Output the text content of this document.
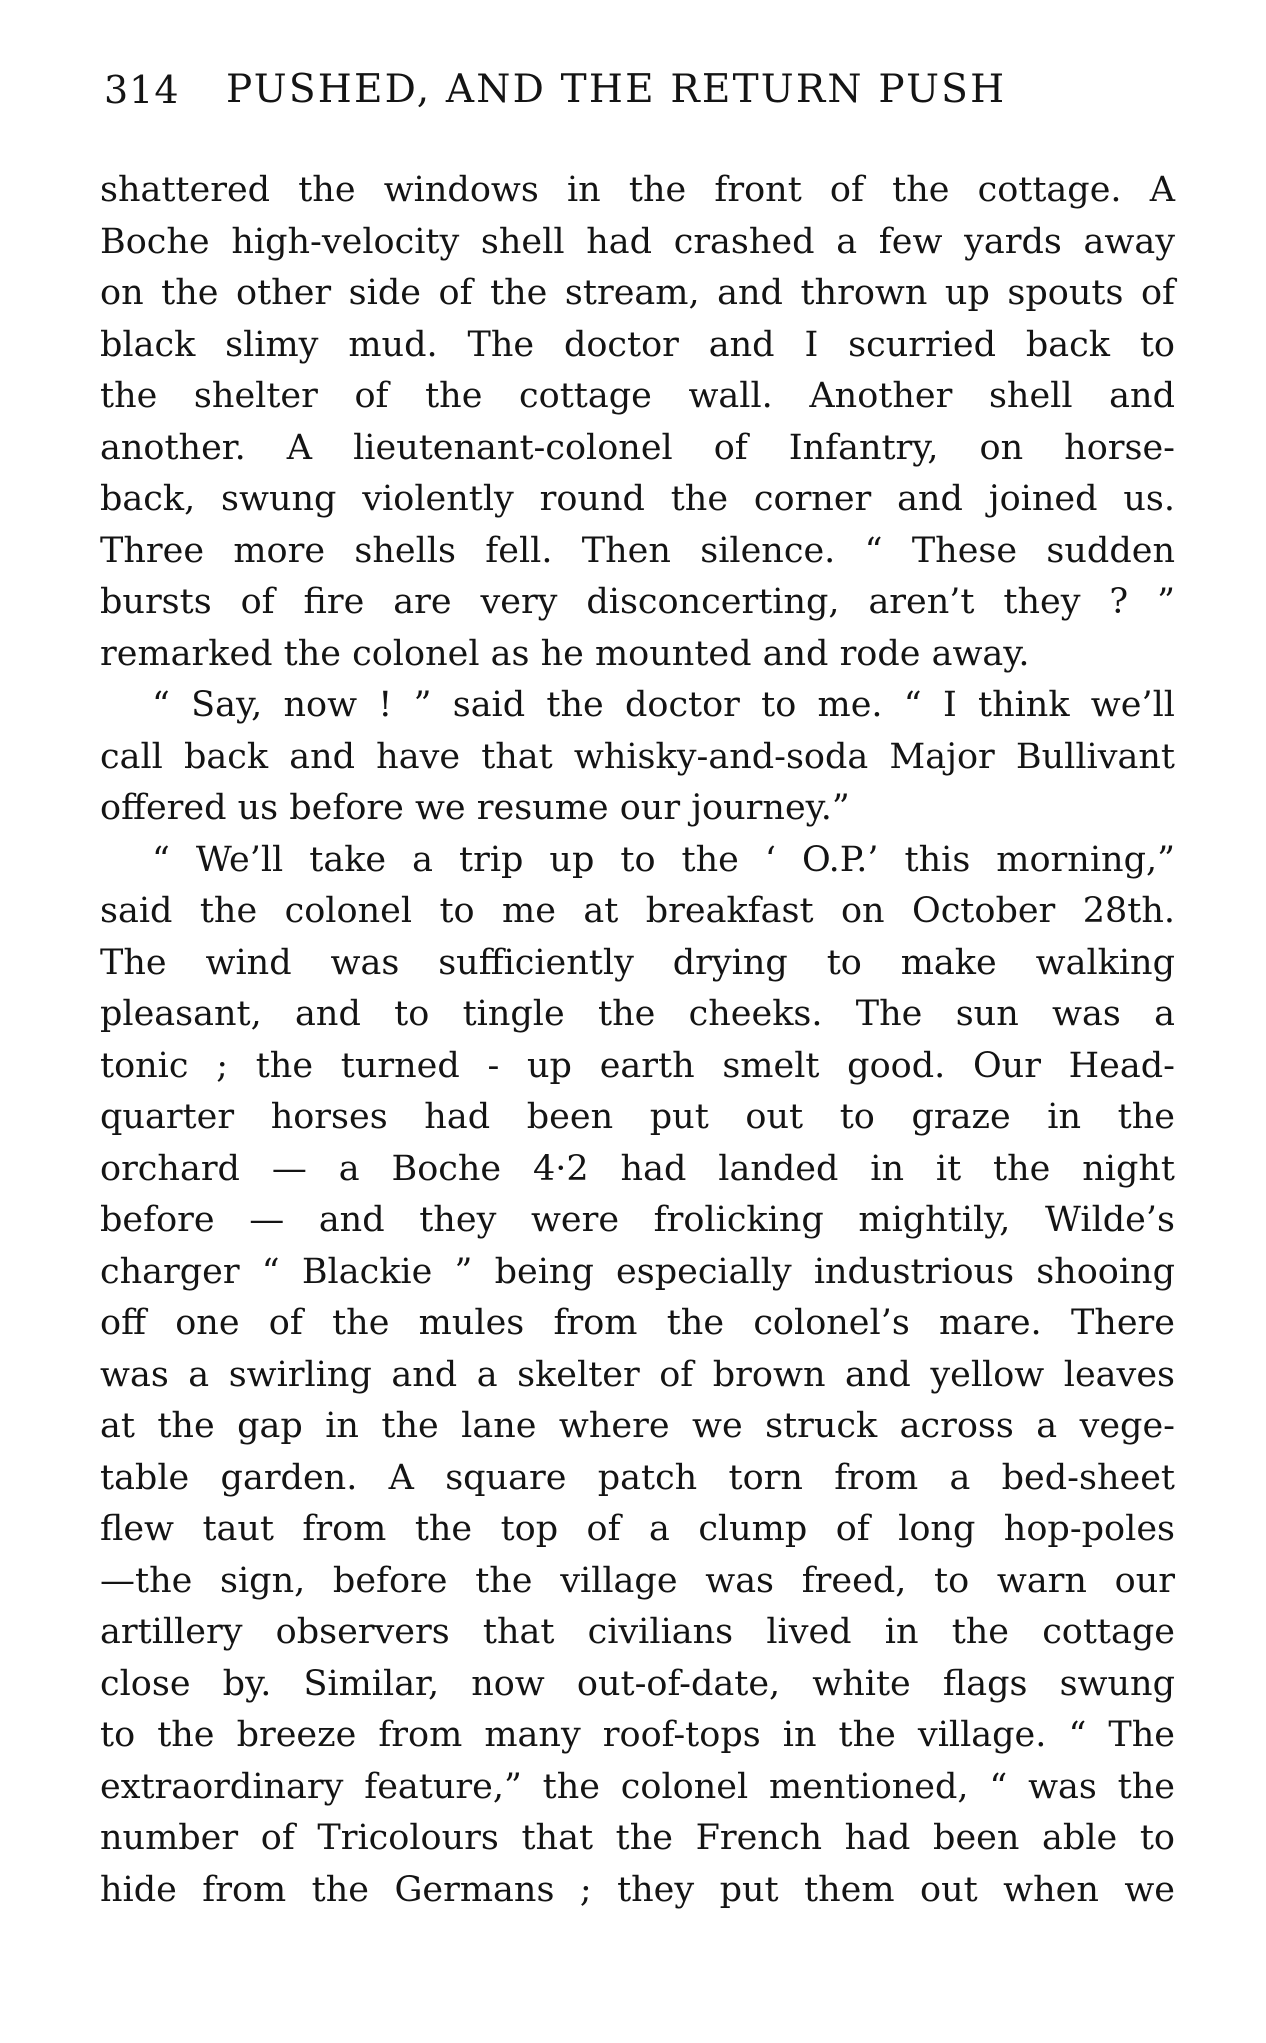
314 PUSHED, AND THE RETURN PUSH
shattered the windows in the front of the cottage. A
Boche high-velocity shell had crashed a few yards away
on the other side of the stream, and thrown up spouts of
black slimy mud. The doctor and I scurried back to
the shelter of the cottage wall. Another shell and
another. A lieutenant-colonel of Infantry, on horse-
back, swung violently round the corner and joined us.
Three more shells fell. Then silence. “ These sudden
bursts of fire are very disconcerting, aren’t they ? ”
remarked the colonel as he mounted and rode away.
“ Say, now ! ” said the doctor to me. “ I think we’ll
call back and have that whisky-and-soda Major Bullivant
offered us before we resume our journey.”
“ We’ll take a trip up to the ‘ O.P.’ this morning,”
said the colonel to me at breakfast on October 28th.
The wind was sufficiently drying to make walking
pleasant, and to tingle the cheeks. The sun was a
tonic ; the turned - up earth smelt good. Our Head-
quarter horses had been put out to graze in the
orchard — a Boche 4·2 had landed in it the night
before — and they were frolicking mightily, Wilde’s
charger “ Blackie ” being especially industrious shooing
off one of the mules from the colonel’s mare. There
was a swirling and a skelter of brown and yellow leaves
at the gap in the lane where we struck across a vege-
table garden. A square patch torn from a bed-sheet
flew taut from the top of a clump of long hop-poles
—the sign, before the village was freed, to warn our
artillery observers that civilians lived in the cottage
close by. Similar, now out-of-date, white flags swung
to the breeze from many roof-tops in the village. “ The
extraordinary feature,” the colonel mentioned, “ was the
number of Tricolours that the French had been able to
hide from the Germans ; they put them out when we
